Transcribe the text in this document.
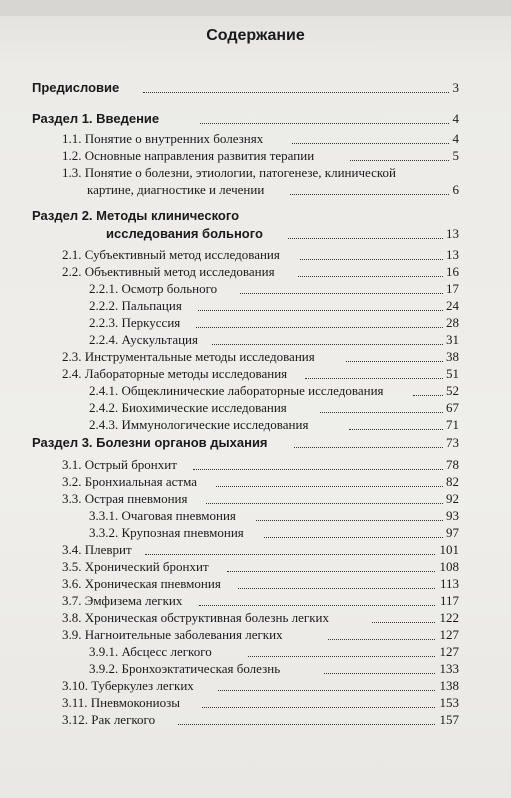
Содержание
Предисловие	3
Раздел 1. Введение	4
1.1. Понятие о внутренних болезнях	4
1.2. Основные направления развития терапии	5
1.3. Понятие о болезни, этиологии, патогенезе, клинической
картине, диагностике и лечении	6
Раздел 2. Методы клинического
исследования больного	13
2.1. Субъективный метод исследования	13
2.2. Объективный метод исследования	16
2.2.1. Осмотр больного	17
2.2.2. Пальпация	24
2.2.3. Перкуссия	28
2.2.4. Аускультация	31
2.3. Инструментальные методы исследования	38
2.4. Лабораторные методы исследования	51
2.4.1. Общеклинические лабораторные исследования	52
2.4.2. Биохимические исследования	67
2.4.3. Иммунологические исследования	71
Раздел 3. Болезни органов дыхания	73
3.1. Острый бронхит	78
3.2. Бронхиальная астма	82
3.3. Острая пневмония	92
3.3.1. Очаговая пневмония	93
3.3.2. Крупозная пневмония	97
3.4. Плеврит	101
3.5. Хронический бронхит	108
3.6. Хроническая пневмония	113
3.7. Эмфизема легких	117
3.8. Хроническая обструктивная болезнь легких	122
3.9. Нагноительные заболевания легких	127
3.9.1. Абсцесс легкого	127
3.9.2. Бронхоэктатическая болезнь	133
3.10. Туберкулез легких	138
3.11. Пневмокониозы	153
3.12. Рак легкого	157
